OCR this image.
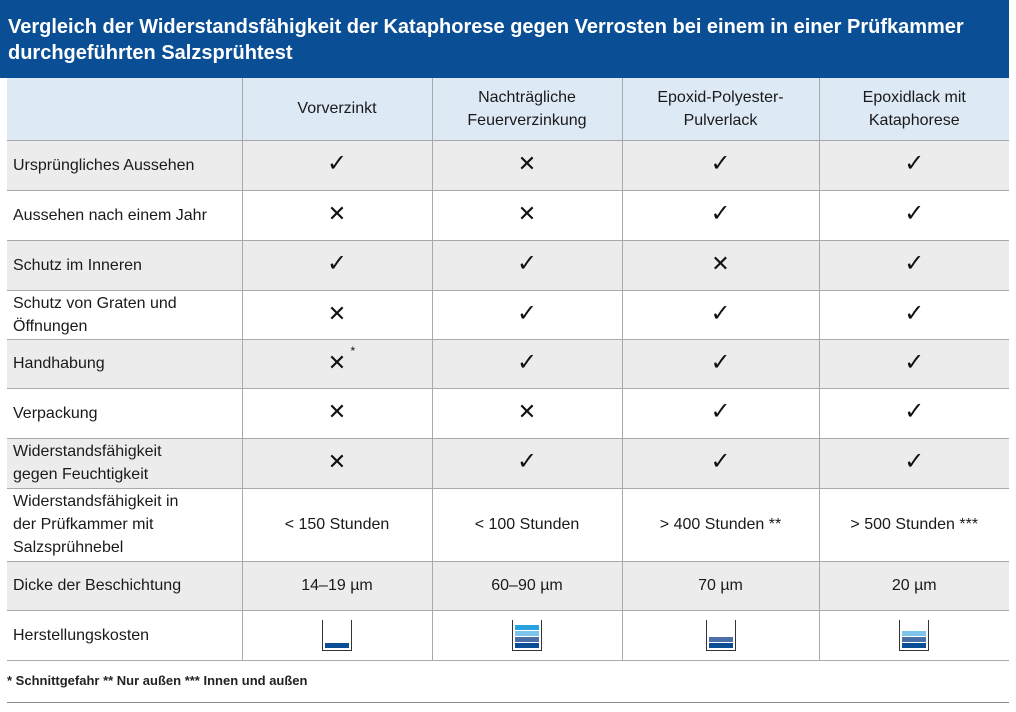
Vergleich der Widerstandsfähigkeit der Kataphorese gegen Verrosten bei einem in einer Prüfkammer durchgeführten Salzsprühtest
	Vorverzinkt	Nachträgliche Feuerverzinkung	Epoxid-Polyester-Pulverlack	Epoxidlack mit Kataphorese
Ursprüngliches Aussehen	✓	✕	✓	✓
Aussehen nach einem Jahr	✕	✕	✓	✓
Schutz im Inneren	✓	✓	✕	✓
Schutz von Graten und Öffnungen	✕	✓	✓	✓
Handhabung	✕ *	✓	✓	✓
Verpackung	✕	✕	✓	✓
Widerstandsfähigkeit gegen Feuchtigkeit	✕	✓	✓	✓
Widerstandsfähigkeit in der Prüfkammer mit Salzsprühnebel	< 150 Stunden	< 100 Stunden	> 400 Stunden **	> 500 Stunden ***
Dicke der Beschichtung	14–19 µm	60–90 µm	70 µm	20 µm
Herstellungskosten	

* Schnittgefahr ** Nur außen *** Innen und außen
